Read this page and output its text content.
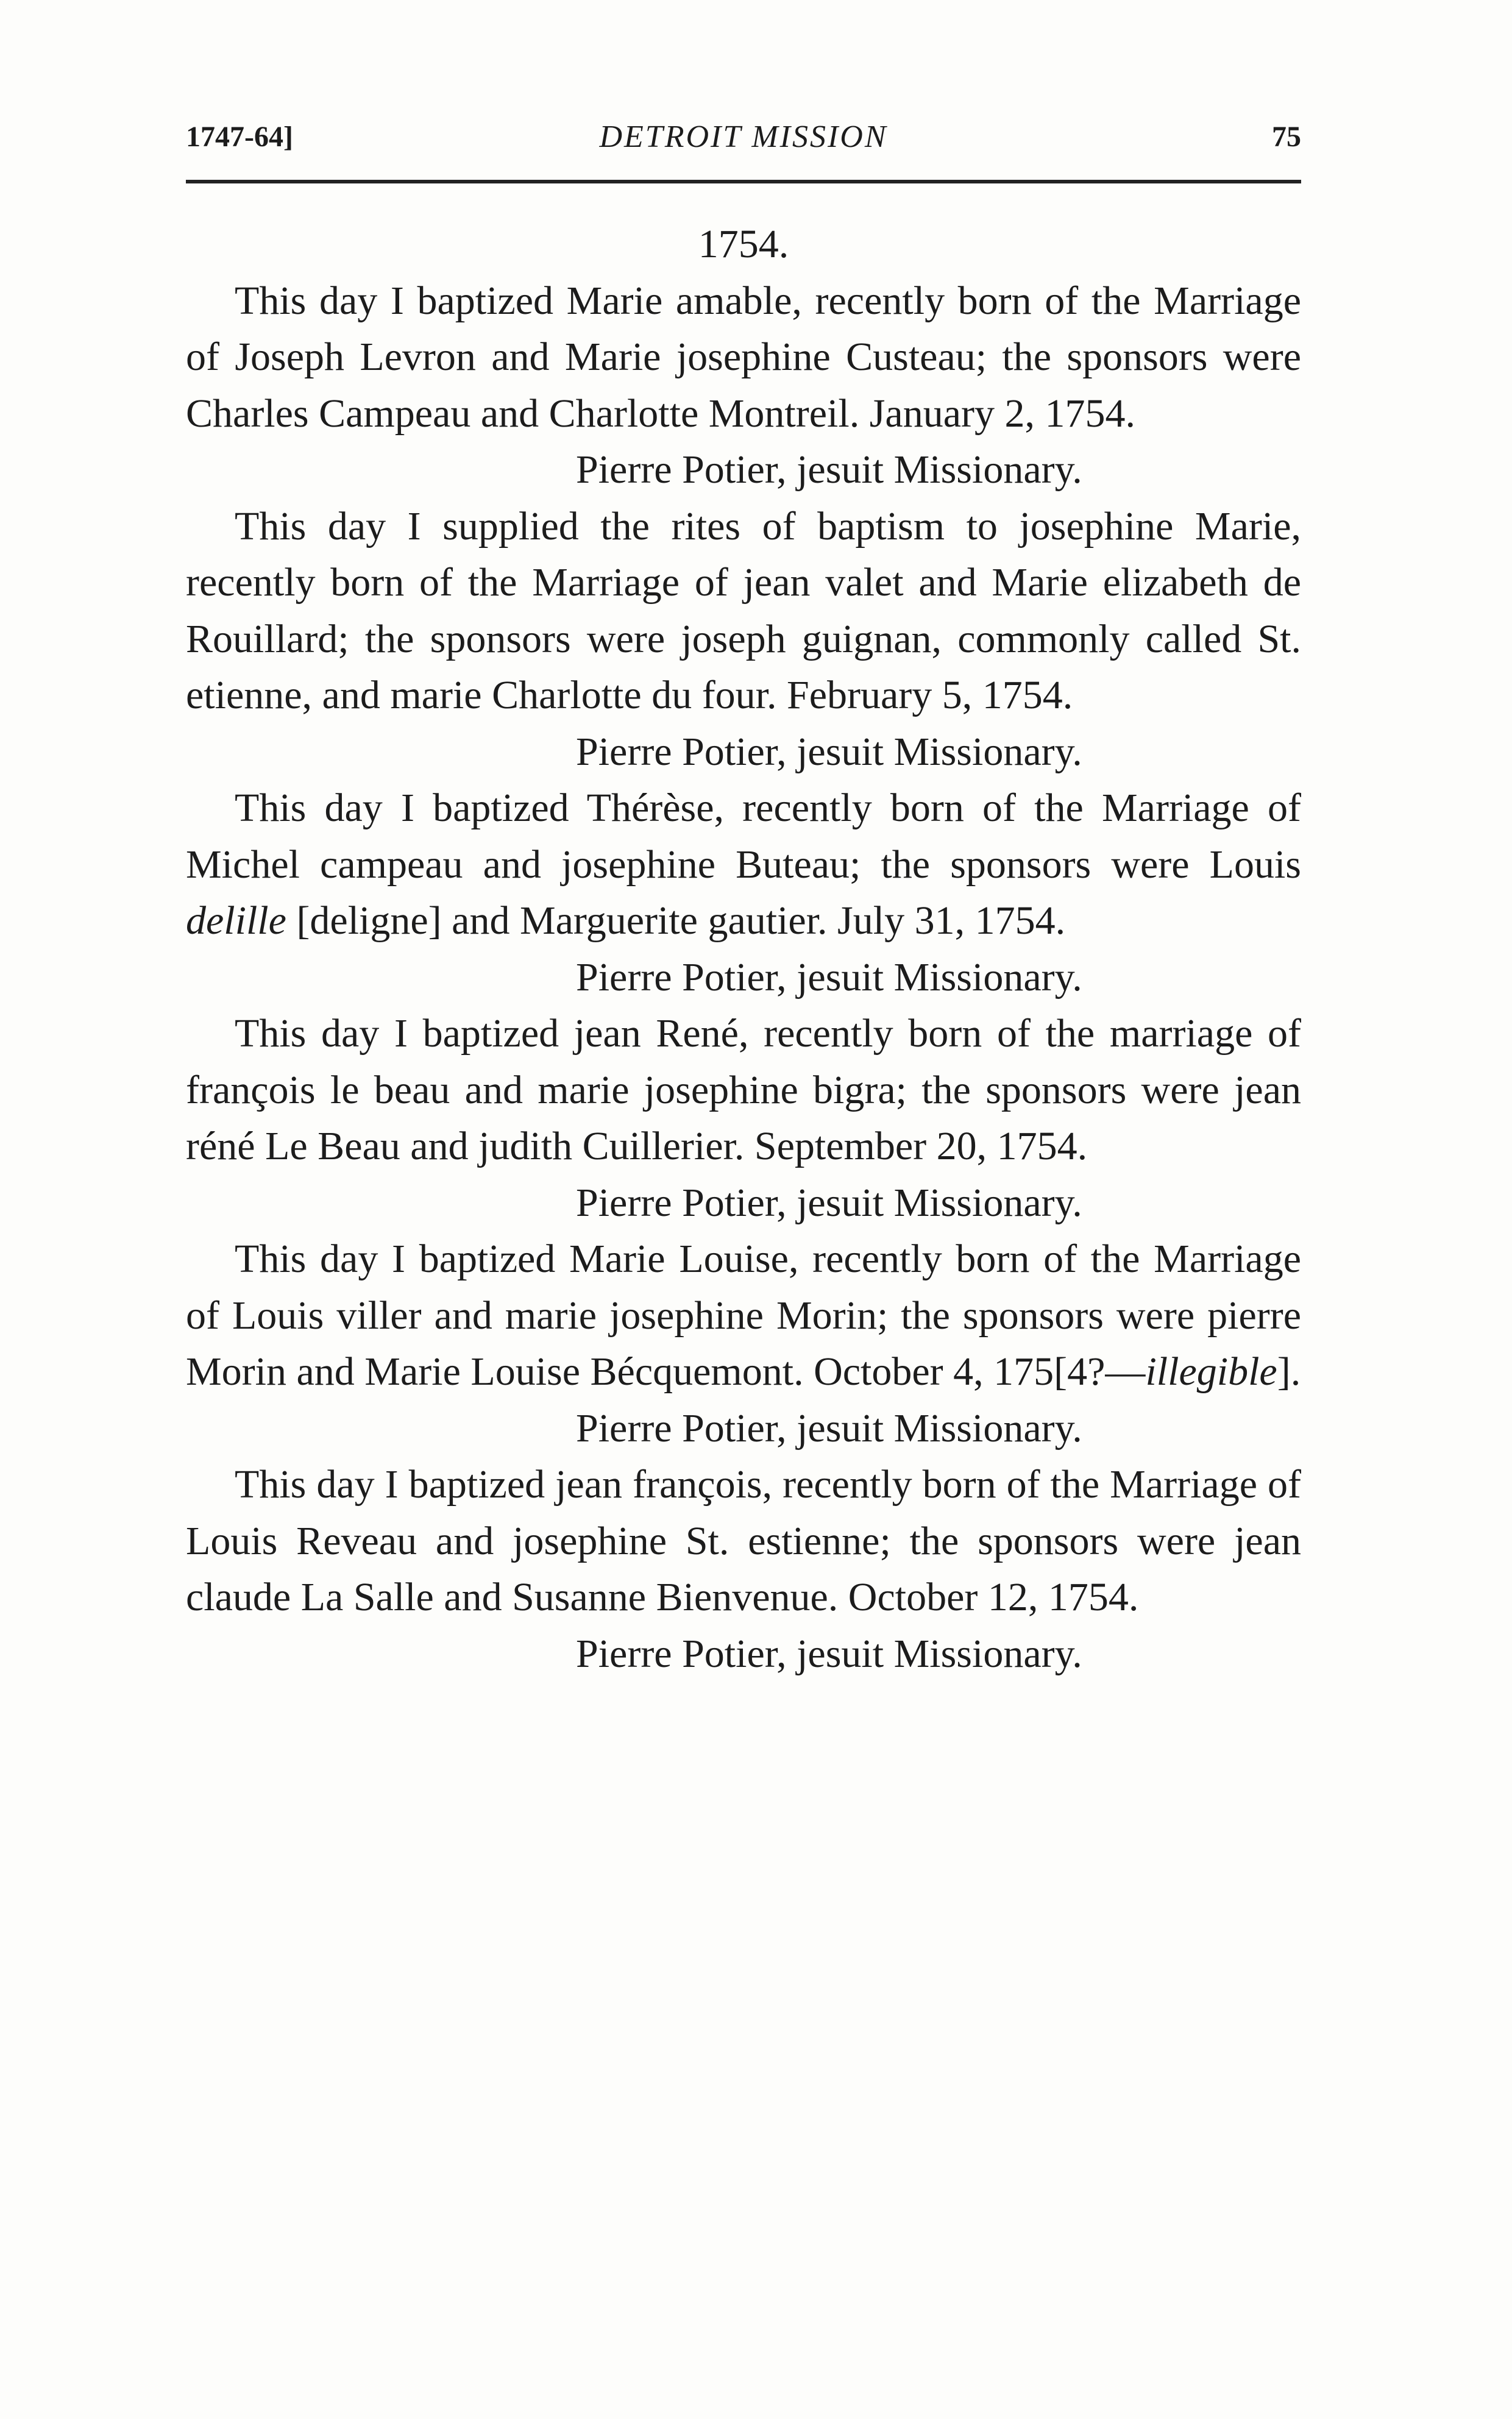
1747-64]	DETROIT MISSION	75

1754.

This day I baptized Marie amable, recently born of the Marriage of Joseph Levron and Marie josephine Custeau; the sponsors were Charles Campeau and Charlotte Montreil. January 2, 1754.

Pierre Potier, jesuit Missionary.

This day I supplied the rites of baptism to josephine Marie, recently born of the Marriage of jean valet and Marie elizabeth de Rouillard; the sponsors were joseph guignan, commonly called St. etienne, and marie Charlotte du four. February 5, 1754.

Pierre Potier, jesuit Missionary.

This day I baptized Thérèse, recently born of the Marriage of Michel campeau and josephine Buteau; the sponsors were Louis delille [deligne] and Marguerite gautier. July 31, 1754.

Pierre Potier, jesuit Missionary.

This day I baptized jean René, recently born of the marriage of françois le beau and marie josephine bigra; the sponsors were jean réné Le Beau and judith Cuillerier. September 20, 1754.

Pierre Potier, jesuit Missionary.

This day I baptized Marie Louise, recently born of the Marriage of Louis viller and marie josephine Morin; the sponsors were pierre Morin and Marie Louise Bécquemont. October 4, 175[4?—illegible].

Pierre Potier, jesuit Missionary.

This day I baptized jean françois, recently born of the Marriage of Louis Reveau and josephine St. estienne; the sponsors were jean claude La Salle and Susanne Bienvenue. October 12, 1754.

Pierre Potier, jesuit Missionary.
